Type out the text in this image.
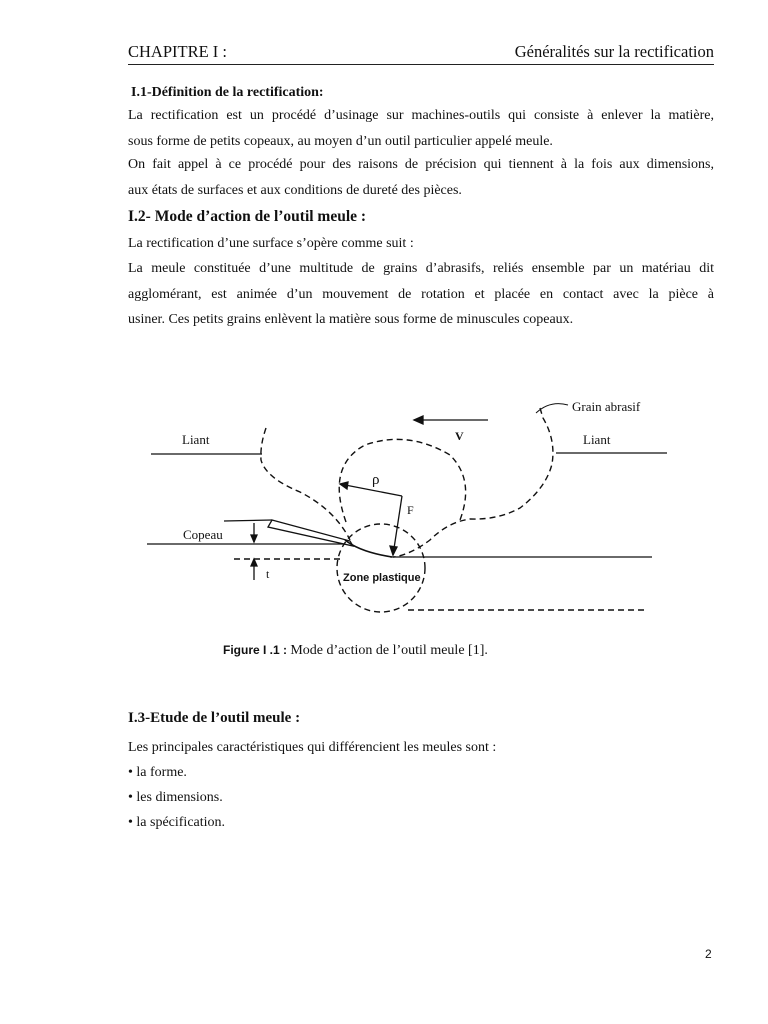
CHAPITRE I :	Généralités sur la rectification
I.1-Définition de la rectification:
La rectification est un procédé d’usinage sur machines-outils qui consiste à enlever la matière,
sous forme de petits copeaux, au moyen d’un outil particulier appelé meule.
On fait appel à ce procédé pour des raisons de précision qui tiennent à la fois aux dimensions,
aux états de surfaces et aux conditions de dureté des pièces.
I.2- Mode d’action de l’outil meule :
La rectification d’une surface s’opère comme suit :
La meule constituée d’une multitude de grains d’abrasifs, reliés ensemble par un matériau dit
agglomérant, est animée d’un mouvement de rotation et placée en contact avec la pièce à
usiner. Ces petits grains enlèvent la matière sous forme de minuscules copeaux.
Grain abrasif
Liant	Liant
V
ρ
F
Copeau
t	Zone plastique
Figure I .1 : Mode d’action de l’outil meule [1].
I.3-Etude de l’outil meule :
Les principales caractéristiques qui différencient les meules sont :
• la forme.
• les dimensions.
• la spécification.
2
